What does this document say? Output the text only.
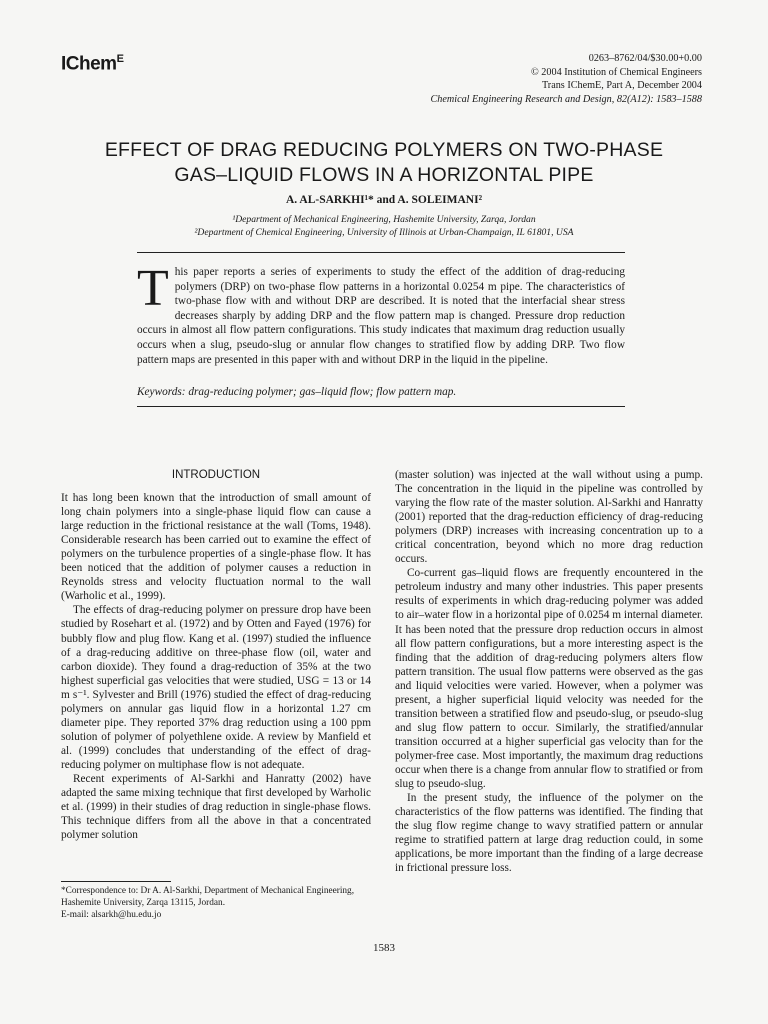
IChem$^E$	0263–8762/04/$30.00+0.00
© 2004 Institution of Chemical Engineers
Trans IChemE, Part A, December 2004
Chemical Engineering Research and Design, 82(A12): 1583–1588
EFFECT OF DRAG REDUCING POLYMERS ON TWO-PHASE
GAS–LIQUID FLOWS IN A HORIZONTAL PIPE
A. AL-SARKHI¹* and A. SOLEIMANI²
¹Department of Mechanical Engineering, Hashemite University, Zarqa, Jordan
²Department of Chemical Engineering, University of Illinois at Urban-Champaign, IL 61801, USA
This paper reports a series of experiments to study the effect of the addition of drag-reducing polymers (DRP) on two-phase flow patterns in a horizontal 0.0254 m pipe. The characteristics of two-phase flow with and without DRP are described. It is noted that the interfacial shear stress decreases sharply by adding DRP and the flow pattern map is changed. Pressure drop reduction occurs in almost all flow pattern configurations. This study indicates that maximum drag reduction usually occurs when a slug, pseudo-slug or annular flow changes to stratified flow by adding DRP. Two flow pattern maps are presented in this paper with and without DRP in the liquid in the pipeline.
Keywords: drag-reducing polymer; gas–liquid flow; flow pattern map.
INTRODUCTION

It has long been known that the introduction of small amount of long chain polymers into a single-phase liquid flow can cause a large reduction in the frictional resistance at the wall (Toms, 1948). Considerable research has been carried out to examine the effect of polymers on the turbulence properties of a single-phase flow. It has been noticed that the addition of polymer causes a reduction in Reynolds stress and velocity fluctuation normal to the wall (Warholic et al., 1999).

The effects of drag-reducing polymer on pressure drop have been studied by Rosehart et al. (1972) and by Otten and Fayed (1976) for bubbly flow and plug flow. Kang et al. (1997) studied the influence of a drag-reducing additive on three-phase flow (oil, water and carbon dioxide). They found a drag-reduction of 35% at the two highest superficial gas velocities that were studied, USG = 13 or 14 m s⁻¹. Sylvester and Brill (1976) studied the effect of drag-reducing polymers on annular gas liquid flow in a horizontal 1.27 cm diameter pipe. They reported 37% drag reduction using a 100 ppm solution of polymer of polyethlene oxide. A review by Manfield et al. (1999) concludes that understanding of the effect of drag-reducing polymer on multiphase flow is not adequate.

Recent experiments of Al-Sarkhi and Hanratty (2002) have adapted the same mixing technique that first developed by Warholic et al. (1999) in their studies of drag reduction in single-phase flows. This technique differs from all the above in that a concentrated polymer solution

(master solution) was injected at the wall without using a pump. The concentration in the liquid in the pipeline was controlled by varying the flow rate of the master solution. Al-Sarkhi and Hanratty (2001) reported that the drag-reduction efficiency of drag-reducing polymers (DRP) increases with increasing concentration up to a critical concentration, beyond which no more drag reduction occurs.

Co-current gas–liquid flows are frequently encountered in the petroleum industry and many other industries. This paper presents results of experiments in which drag-reducing polymer was added to air–water flow in a horizontal pipe of 0.0254 m internal diameter. It has been noted that the pressure drop reduction occurs in almost all flow pattern configurations, but a more interesting aspect is the finding that the addition of drag-reducing polymers alters flow pattern transition. The usual flow patterns were observed as the gas and liquid velocities were varied. However, when a polymer was present, a higher superficial liquid velocity was needed for the transition between a stratified flow and pseudo-slug, or pseudo-slug and slug flow pattern to occur. Similarly, the stratified/annular transition occurred at a higher superficial gas velocity than for the polymer-free case. Most importantly, the maximum drag reductions occur when there is a change from annular flow to stratified or from slug to pseudo-slug.

In the present study, the influence of the polymer on the characteristics of the flow patterns was identified. The finding that the slug flow regime change to wavy stratified pattern or annular regime to stratified pattern at large drag reduction could, in some applications, be more important than the finding of a large decrease in frictional pressure loss.

*Correspondence to: Dr A. Al-Sarkhi, Department of Mechanical Engineering, Hashemite University, Zarqa 13115, Jordan.
E-mail: alsarkh@hu.edu.jo
1583
